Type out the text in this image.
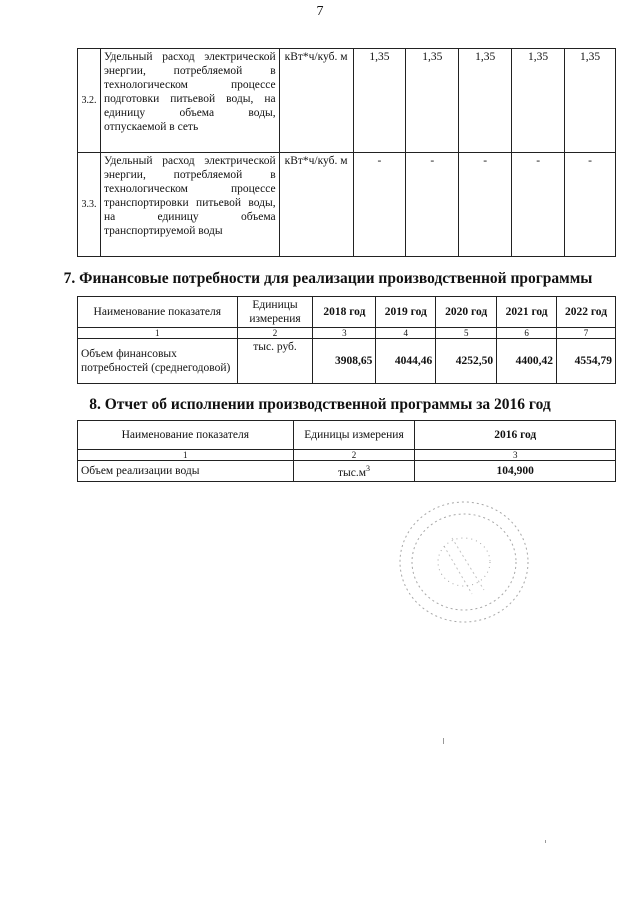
7
3.2.	Удельный расход электрической энергии, потребляемой в технологическом процессе подготовки питьевой воды, на единицу объема воды, отпускаемой в сеть	кВт*ч/куб. м	1,35	1,35	1,35	1,35	1,35
3.3.	Удельный расход электрической энергии, потребляемой в технологическом процессе транспортировки питьевой воды, на единицу объема транспортируемой воды	кВт*ч/куб. м	-	-	-	-	-
7. Финансовые потребности для реализации производственной программы
Наименование показателя	Единицы измерения	2018 год	2019 год	2020 год	2021 год	2022 год
1	2	3	4	5	6	7
Объем финансовых потребностей (среднегодовой)	тыс. руб.	3908,65	4044,46	4252,50	4400,42	4554,79
8. Отчет об исполнении производственной программы за 2016 год
Наименование показателя	Единицы измерения	2016 год
1	2	3
Объем реализации воды	$тыс.м^3$	104,900
